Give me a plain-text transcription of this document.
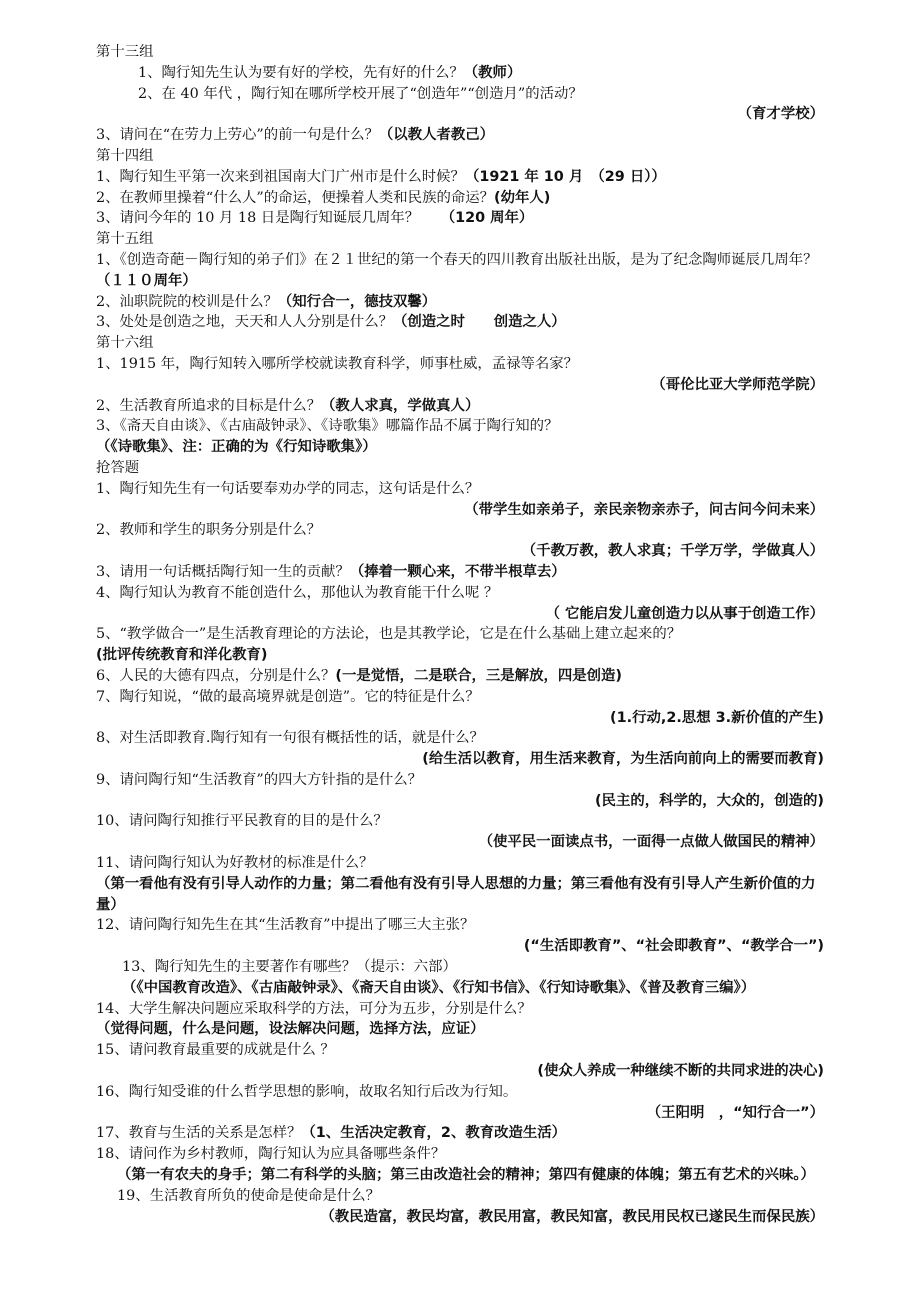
第十三组
1、陶行知先生认为要有好的学校，先有好的什么？（教师）
2、在 40 年代 ，陶行知在哪所学校开展了“创造年”“创造月”的活动？
（育才学校）
3、请问在“在劳力上劳心”的前一句是什么？（以教人者教己）
第十四组
1、陶行知生平第一次来到祖国南大门广州市是什么时候？（1921 年 10 月　（29 日））
2、在教师里操着“什么人”的命运，便操着人类和民族的命运？(幼年人)
3、请问今年的 10 月 18 日是陶行知诞辰几周年？　　（120 周年）
第十五组
1、《创造奇葩－陶行知的弟子们》在２１世纪的第一个春天的四川教育出版社出版，是为了纪念陶师诞辰几周年？（１１０周年）
2、汕职院院的校训是什么？（知行合一，德技双馨）
3、处处是创造之地，天天和人人分别是什么？（创造之时　　创造之人）
第十六组
1、1915 年，陶行知转入哪所学校就读教育科学，师事杜威，孟禄等名家？
（哥伦比亚大学师范学院）
2、生活教育所追求的目标是什么？（教人求真，学做真人）
3、《斋天自由谈》、《古庙敲钟录》、《诗歌集》哪篇作品不属于陶行知的？
（《诗歌集》、注：正确的为《行知诗歌集》）
抢答题
1、陶行知先生有一句话要奉劝办学的同志，这句话是什么？
（带学生如亲弟子，亲民亲物亲赤子，问古问今问未来）
2、教师和学生的职务分别是什么？
（千教万教，教人求真；千学万学，学做真人）
3、请用一句话概括陶行知一生的贡献？（捧着一颗心来，不带半根草去）
4、陶行知认为教育不能创造什么，那他认为教育能干什么呢 ？
（ 它能启发儿童创造力以从事于创造工作）
5、“教学做合一”是生活教育理论的方法论，也是其教学论，它是在什么基础上建立起来的？
(批评传统教育和洋化教育)
6、人民的大德有四点，分别是什么？(一是觉悟，二是联合，三是解放，四是创造)
7、陶行知说，“做的最高境界就是创造”。它的特征是什么？
(1.行动,2.思想 3.新价值的产生)
8、对生活即教育.陶行知有一句很有概括性的话，就是什么？
(给生活以教育，用生活来教育，为生活向前向上的需要而教育)
9、请问陶行知“生活教育”的四大方针指的是什么？
(民主的，科学的，大众的，创造的)
10、请问陶行知推行平民教育的目的是什么？
（使平民一面读点书，一面得一点做人做国民的精神）
11、请问陶行知认为好教材的标准是什么？
（第一看他有没有引导人动作的力量；第二看他有没有引导人思想的力量；第三看他有没有引导人产生新价值的力量）
12、请问陶行知先生在其“生活教育”中提出了哪三大主张？
(“生活即教育”、“社会即教育”、“教学合一”)
13、陶行知先生的主要著作有哪些？（提示：六部）
（《中国教育改造》、《古庙敲钟录》、《斋天自由谈》、《行知书信》、《行知诗歌集》、《普及教育三编》）
14、大学生解决问题应采取科学的方法，可分为五步，分别是什么？
（觉得问题，什么是问题，设法解决问题，选择方法，应证）
15、请问教育最重要的成就是什么 ？
(使众人养成一种继续不断的共同求进的决心)
16、陶行知受谁的什么哲学思想的影响，故取名知行后改为行知。
（王阳明　，“知行合一”）
17、教育与生活的关系是怎样？（1、生活决定教育，2、教育改造生活）
18、请问作为乡村教师，陶行知认为应具备哪些条件？
（第一有农夫的身手；第二有科学的头脑；第三由改造社会的精神；第四有健康的体魄；第五有艺术的兴味。）
19、生活教育所负的使命是使命是什么？
（教民造富，教民均富，教民用富，教民知富，教民用民权已遂民生而保民族）
